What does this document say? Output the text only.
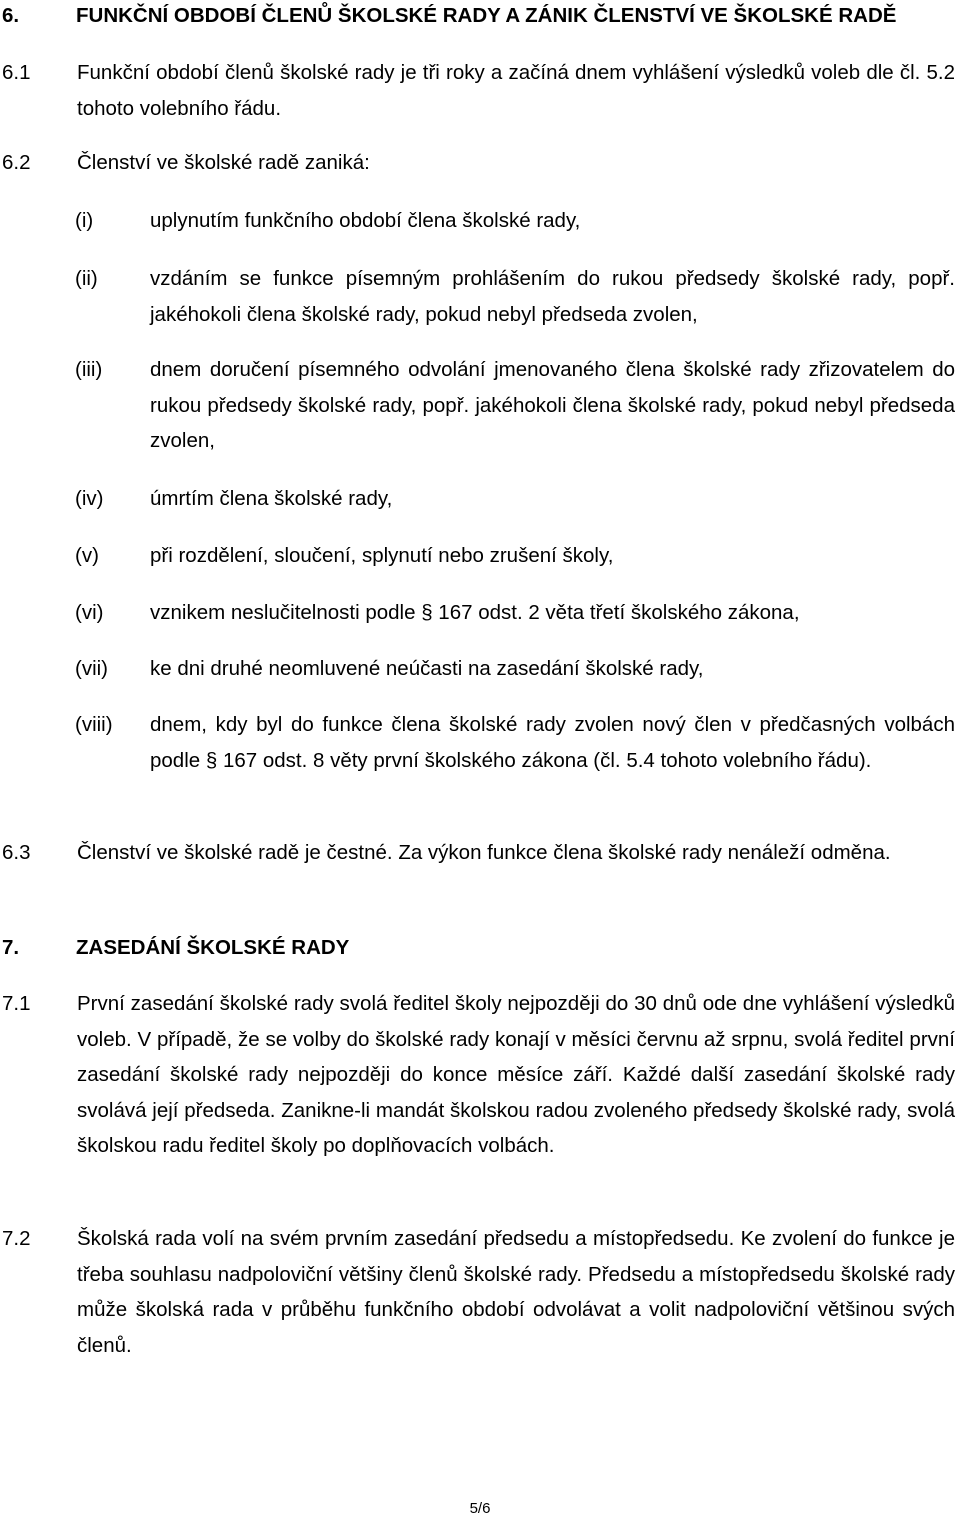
6.	FUNKČNÍ OBDOBÍ ČLENŮ ŠKOLSKÉ RADY A ZÁNIK ČLENSTVÍ VE ŠKOLSKÉ RADĚ
6.1	Funkční období členů školské rady je tři roky a začíná dnem vyhlášení výsledků voleb dle čl. 5.2 tohoto volebního řádu.
6.2	Členství ve školské radě zaniká:
(i)	uplynutím funkčního období člena školské rady,
(ii)	vzdáním se funkce písemným prohlášením do rukou předsedy školské rady, popř. jakéhokoli člena školské rady, pokud nebyl předseda zvolen,
(iii)	dnem doručení písemného odvolání jmenovaného člena školské rady zřizovatelem do rukou předsedy školské rady, popř. jakéhokoli člena školské rady, pokud nebyl předseda zvolen,
(iv)	úmrtím člena školské rady,
(v)	při rozdělení, sloučení, splynutí nebo zrušení školy,
(vi)	vznikem neslučitelnosti podle § 167 odst. 2 věta třetí školského zákona,
(vii)	ke dni druhé neomluvené neúčasti na zasedání školské rady,
(viii)	dnem, kdy byl do funkce člena školské rady zvolen nový člen v předčasných volbách podle § 167 odst. 8 věty první školského zákona (čl. 5.4 tohoto volebního řádu).
6.3	Členství ve školské radě je čestné. Za výkon funkce člena školské rady nenáleží odměna.
7.	ZASEDÁNÍ ŠKOLSKÉ RADY
7.1	První zasedání školské rady svolá ředitel školy nejpozději do 30 dnů ode dne vyhlášení výsledků voleb. V případě, že se volby do školské rady konají v měsíci červnu až srpnu, svolá ředitel první zasedání školské rady nejpozději do konce měsíce září. Každé další zasedání školské rady svolává její předseda. Zanikne-li mandát školskou radou zvoleného předsedy školské rady, svolá školskou radu ředitel školy po doplňovacích volbách.
7.2	Školská rada volí na svém prvním zasedání předsedu a místopředsedu. Ke zvolení do funkce je třeba souhlasu nadpoloviční většiny členů školské rady. Předsedu a místopředsedu školské rady může školská rada v průběhu funkčního období odvolávat a volit nadpoloviční většinou svých členů.
5/6
